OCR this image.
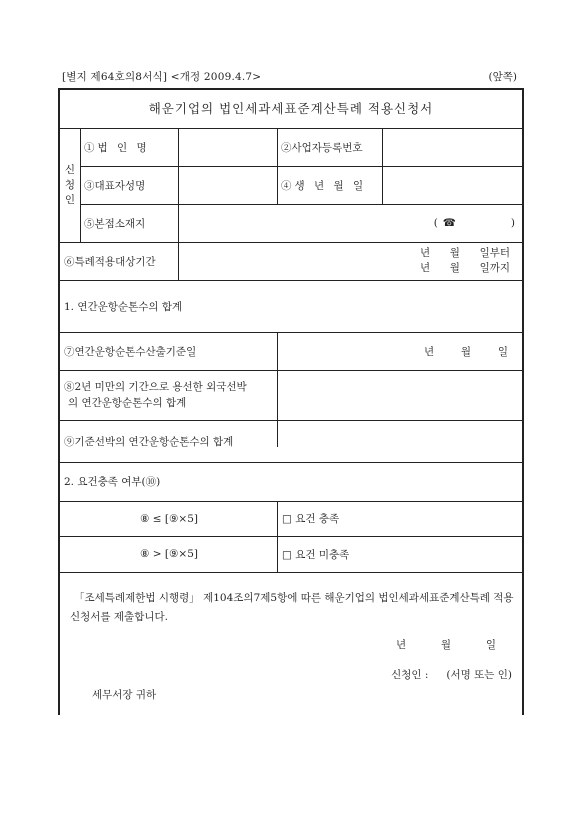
[별지 제64호의8서식] <개정 2009.4.7>	(앞쪽)
해운기업의 법인세과세표준계산특례 적용신청서
신
청
인
①법 인 명	②사업자등록번호
③대표자성명	④생 년 월 일
⑤본점소재지	( ☎	)
⑥특례적용대상기간
년 월 일부터
년 월 일까지
1. 연간운항순톤수의 합계
⑦연간운항순톤수산출기준일	년	월	일
⑧2년 미만의 기간으로 용선한 외국선박
의 연간운항순톤수의 합계
⑨기준선박의 연간운항순톤수의 합계
2. 요건충족 여부(⑩)
⑧ ≤ [⑨×5]	□ 요건 충족
⑧ > [⑨×5]	□ 요건 미충족
「조세특례제한법 시행령」 제104조의7제5항에 따른 해운기업의 법인세과세표준계산특례 적용신청서를 제출합니다.
년	월	일
신청인 : (서명 또는 인)
세무서장 귀하
